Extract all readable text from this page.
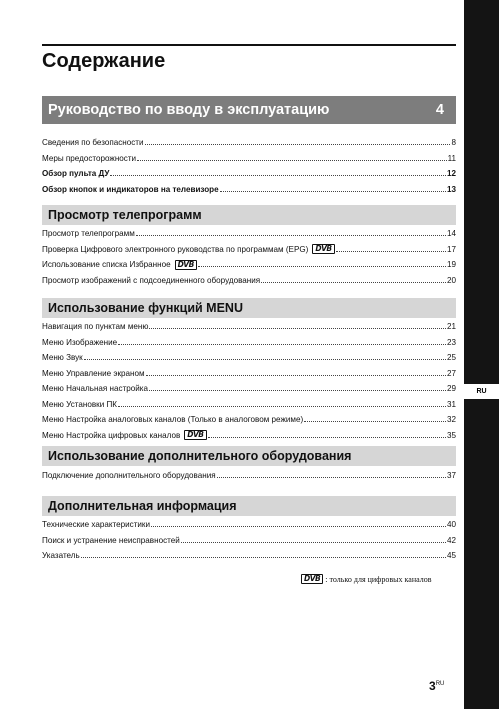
RU
Содержание
Руководство по вводу в эксплуатацию	4
Сведения по безопасности	8
Меры предосторожности	11
Обзор пульта ДУ	12
Обзор кнопок и индикаторов на телевизоре	13
Просмотр телепрограмм
Просмотр телепрограмм	14
Проверка Цифрового электронного руководства по программам (EPG) DVB	17
Использование списка Избранное DVB	19
Просмотр изображений с подсоединенного оборудования	20
Использование функций MENU
Навигация по пунктам меню	21
Меню Изображение	23
Меню Звук	25
Меню Управление экраном	27
Меню Начальная настройка	29
Меню Установки ПК	31
Меню Настройка аналоговых каналов (Только в аналоговом режиме)	32
Меню Настройка цифровых каналов DVB	35
Использование дополнительного оборудования
Подключение дополнительного оборудования	37
Дополнительная информация
Технические характеристики	40
Поиск и устранение неисправностей	42
Указатель	45
DVB : только для цифровых каналов
$3^{RU}$
